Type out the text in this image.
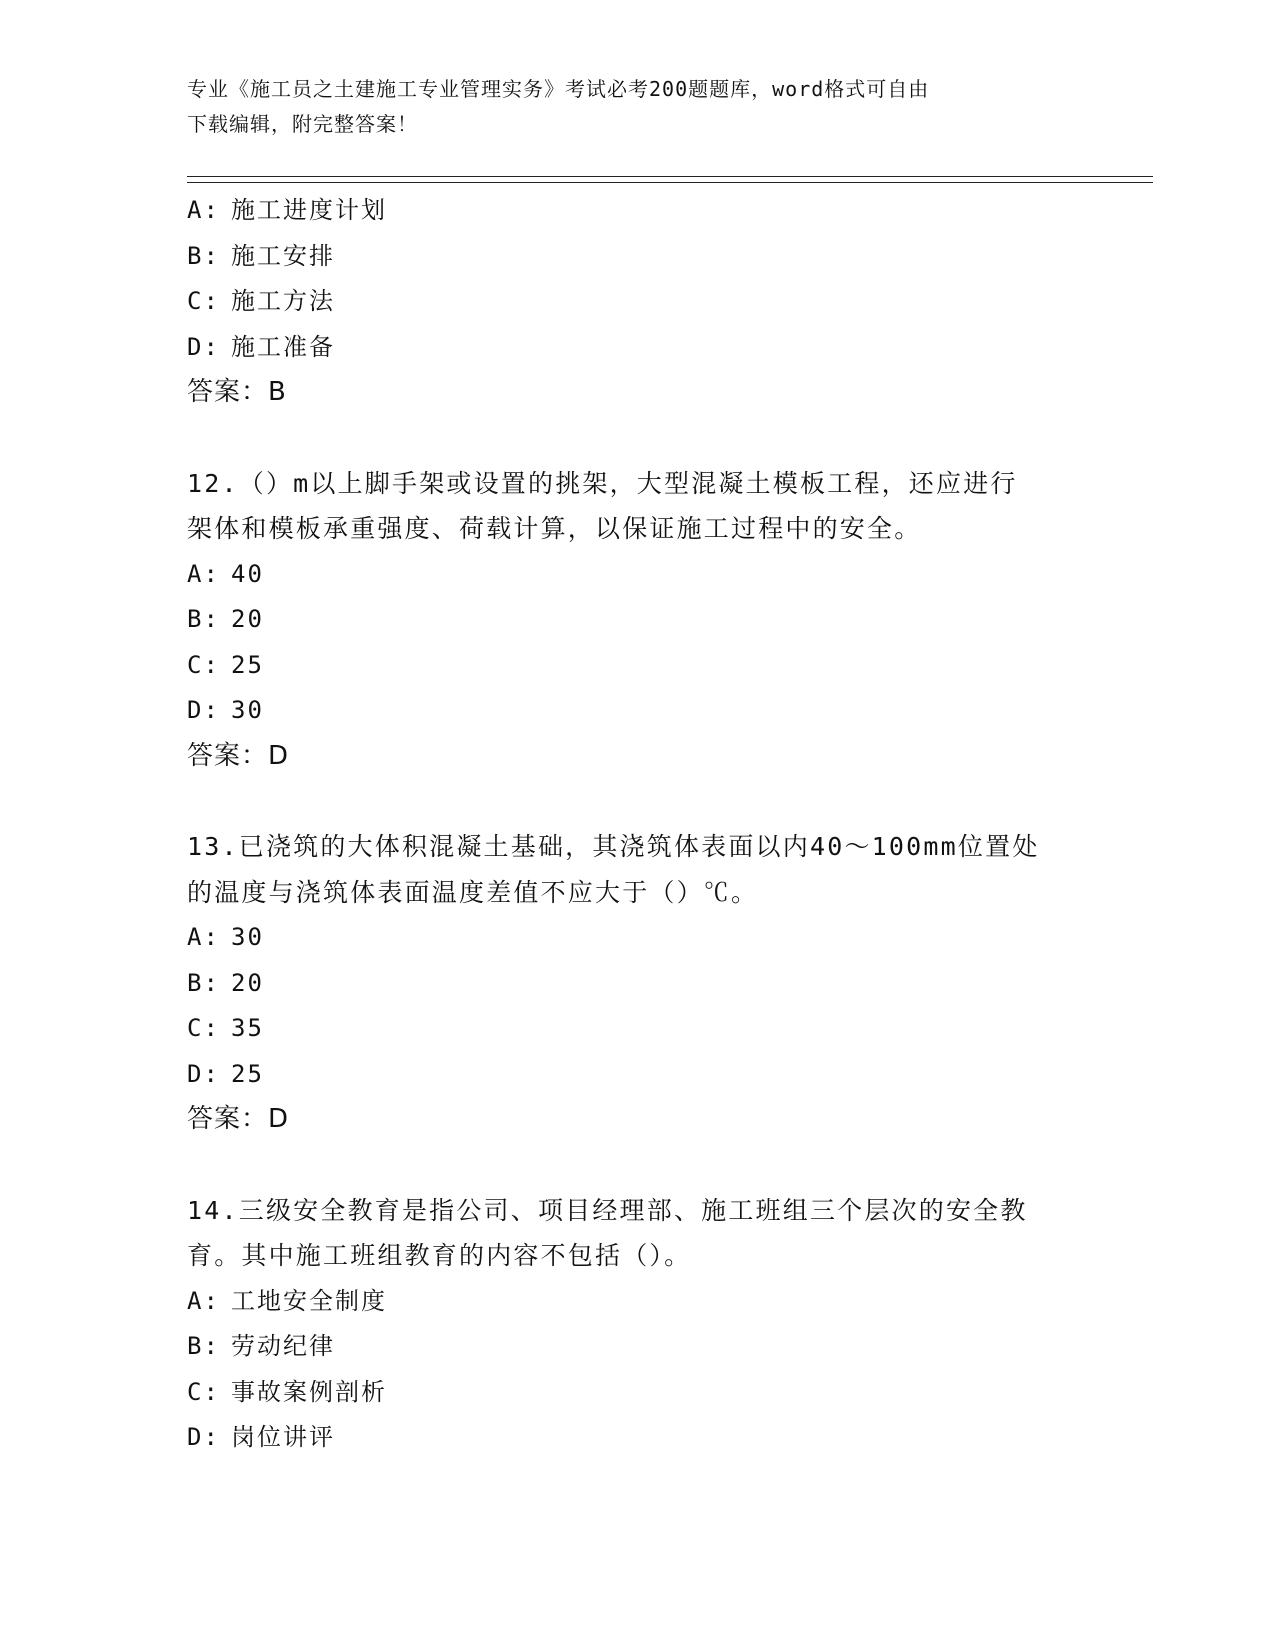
专业《施工员之土建施工专业管理实务》考试必考200题题库，word格式可自由
下载编辑，附完整答案！
A: 施工进度计划
B: 施工安排
C: 施工方法
D: 施工准备
答案：B
12.（）m以上脚手架或设置的挑架，大型混凝土模板工程，还应进行
架体和模板承重强度、荷载计算，以保证施工过程中的安全。
A: 40
B: 20
C: 25
D: 30
答案：D
13.已浇筑的大体积混凝土基础，其浇筑体表面以内40～100mm位置处
的温度与浇筑体表面温度差值不应大于（）℃。
A: 30
B: 20
C: 35
D: 25
答案：D
14.三级安全教育是指公司、项目经理部、施工班组三个层次的安全教
育。其中施工班组教育的内容不包括（）。
A: 工地安全制度
B: 劳动纪律
C: 事故案例剖析
D: 岗位讲评
